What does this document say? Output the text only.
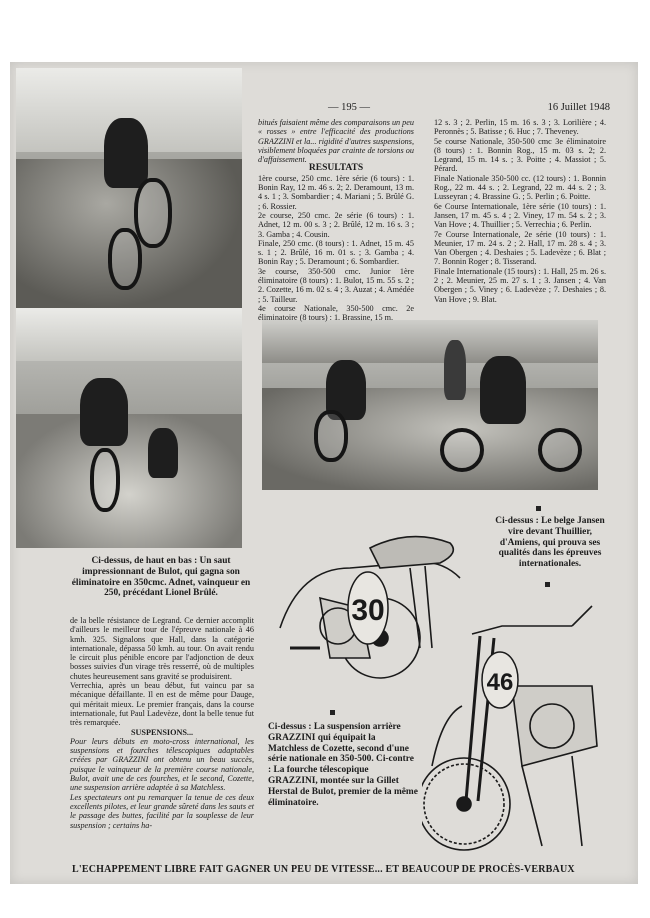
— 195 —	16 Juillet 1948

bitués faisaient même des comparaisons un peu « rosses » entre l'efficacité des productions GRAZZINI et la... rigidité d'autres suspensions, visiblement bloquées par crainte de torsions ou d'affaissement.

RESULTATS

1ère course, 250 cmc. 1ère série (6 tours) : 1. Bonin Ray, 12 m. 46 s. 2; 2. Deramount, 13 m. 4 s. 1 ; 3. Sombardier ; 4. Mariani ; 5. Brûlé G. ; 6. Rossier.

2e course, 250 cmc. 2e série (6 tours) : 1. Adnet, 12 m. 00 s. 3 ; 2. Brûlé, 12 m. 16 s. 3 ; 3. Gamba ; 4. Cousin.

Finale, 250 cmc. (8 tours) : 1. Adnet, 15 m. 45 s. 1 ; 2. Brûlé, 16 m. 01 s. ; 3. Gamba ; 4. Bonin Ray ; 5. Deramount ; 6. Sombardier.

3e course, 350-500 cmc. Junior 1ère éliminatoire (8 tours) : 1. Bulot, 15 m. 55 s. 2 ; 2. Cozette, 16 m. 02 s. 4 ; 3. Auzat ; 4. Amédée ; 5. Tailleur.

4e course Nationale, 350-500 cmc. 2e éliminatoire (8 tours) : 1. Brassine, 15 m.

12 s. 3 ; 2. Perlin, 15 m. 16 s. 3 ; 3. Lorilière ; 4. Peronnès ; 5. Batisse ; 6. Huc ; 7. Theveney.

5e course Nationale, 350-500 cmc 3e éliminatoire (8 tours) : 1. Bonnin Rog., 15 m. 03 s. 2; 2. Legrand, 15 m. 14 s. ; 3. Poitte ; 4. Massiot ; 5. Pérard.

Finale Nationale 350-500 cc. (12 tours) : 1. Bonnin Rog., 22 m. 44 s. ; 2. Legrand, 22 m. 44 s. 2 ; 3. Lusseyran ; 4. Brassine G. ; 5. Perlin ; 6. Poitte.

6e Course Internationale, 1ère série (10 tours) : 1. Jansen, 17 m. 45 s. 4 ; 2. Viney, 17 m. 54 s. 2 ; 3. Van Hove ; 4. Thuillier ; 5. Verrechia ; 6. Perlin.

7e Course Internationale, 2e série (10 tours) : 1. Meunier, 17 m. 24 s. 2 ; 2. Hall, 17 m. 28 s. 4 ; 3. Van Obergen ; 4. Deshaies ; 5. Ladevèze ; 6. Blat ; 7. Bonnin Roger ; 8. Tisserand.

Finale Internationale (15 tours) : 1. Hall, 25 m. 26 s. 2 ; 2. Meunier, 25 m. 27 s. 1 ; 3. Jansen ; 4. Van Obergen ; 5. Viney ; 6. Ladevèze ; 7. Deshaies ; 8. Van Hove ; 9. Blat.

Ci-dessus, de haut en bas : Un saut impressionnant de Bulot, qui gagna son éliminatoire en 350cmc. Adnet, vainqueur en 250, précédant Lionel Brûlé.
Ci-dessus : Le belge Jansen vire devant Thuillier, d'Amiens, qui prouva ses qualités dans les épreuves internationales.
Ci-dessus : La suspension arrière GRAZZINI qui équipait la Matchless de Cozette, second d'une série nationale en 350-500. Ci-contre : La fourche télescopique GRAZZINI, montée sur la Gillet Herstal de Bulot, premier de la même éliminatoire.

de la belle résistance de Legrand. Ce dernier accomplit d'ailleurs le meilleur tour de l'épreuve nationale à 46 kmh. 325. Signalons que Hall, dans la catégorie internationale, dépassa 50 kmh. au tour. On avait rendu le circuit plus pénible encore par l'adjonction de deux bosses suivies d'un virage très resserré, où de multiples chutes heureusement sans gravité se produisirent.

Verrechia, après un beau début, fut vaincu par sa mécanique défaillante. Il en est de même pour Dauge, qui méritait mieux. Le premier français, dans la course internationale, fut Paul Ladevèze, dont la belle tenue fut très remarquée.

SUSPENSIONS...

Pour leurs débuts en moto-cross international, les suspensions et fourches télescopiques adaptables créées par GRAZZINI ont obtenu un beau succès, puisque le vainqueur de la première course nationale, Bulot, avait une de ces fourches, et le second, Cozette, une suspension arrière adaptée à sa Matchless.

Les spectateurs ont pu remarquer la tenue de ces deux excellents pilotes, et leur grande sûreté dans les sauts et le passage des buttes, facilité par la souplesse de leur suspension ; certains ha-

30
46
L'ECHAPPEMENT LIBRE FAIT GAGNER UN PEU DE VITESSE... ET BEAUCOUP DE PROCÈS-VERBAUX
